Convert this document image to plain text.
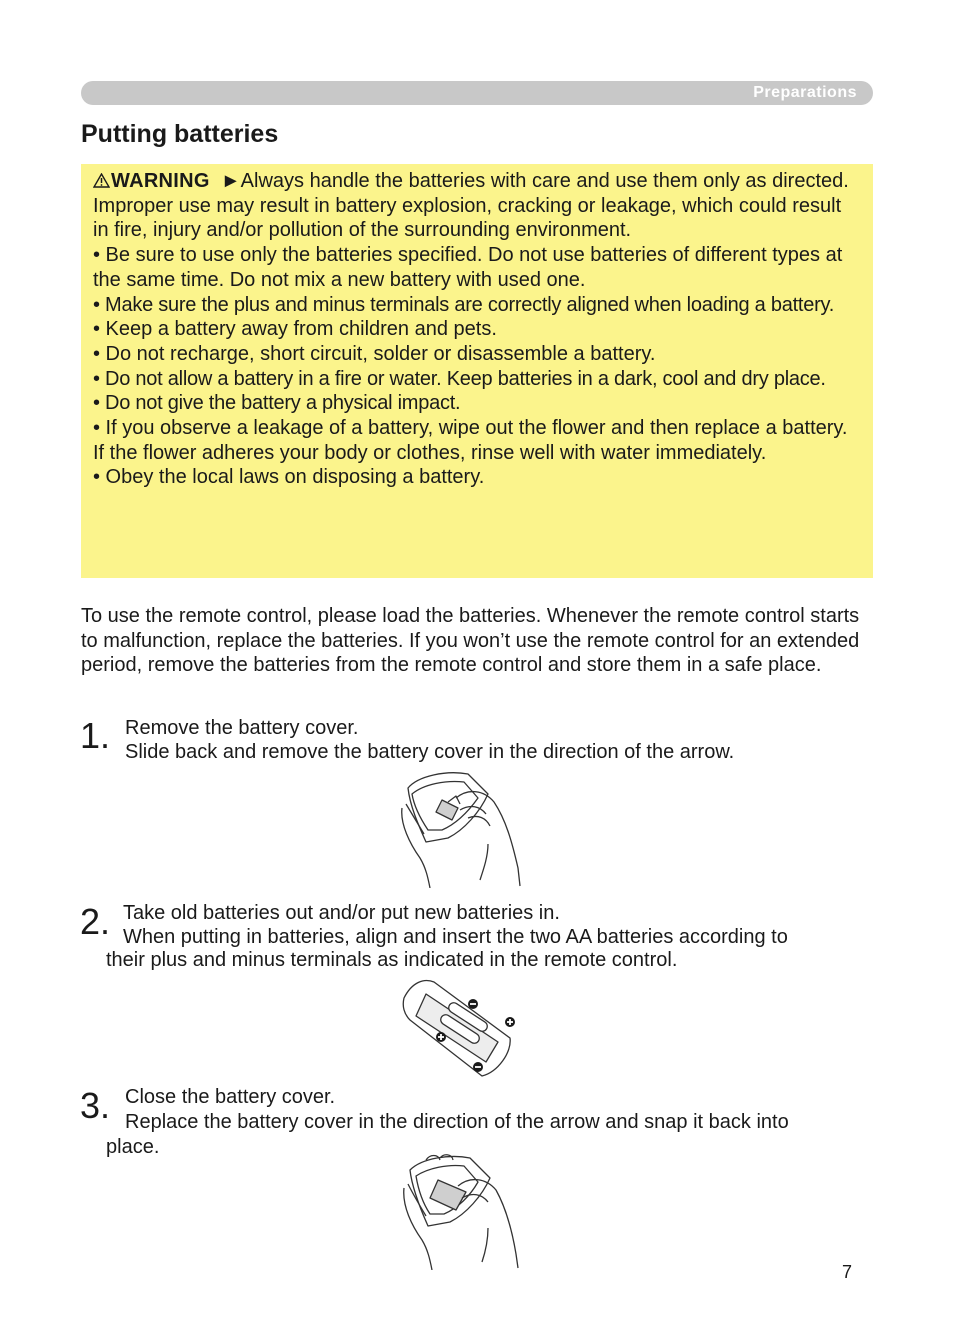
Preparations
Putting batteries

WARNING ►Always handle the batteries with care and use them only as directed. Improper use may result in battery explosion, cracking or leakage, which could result in fire, injury and/or pollution of the surrounding environment.

• Be sure to use only the batteries specified. Do not use batteries of different types at the same time. Do not mix a new battery with used one.

• Make sure the plus and minus terminals are correctly aligned when loading a battery.

• Keep a battery away from children and pets.

• Do not recharge, short circuit, solder or disassemble a battery.

• Do not allow a battery in a fire or water. Keep batteries in a dark, cool and dry place.

• Do not give the battery a physical impact.

• If you observe a leakage of a battery, wipe out the flower and then replace a battery. If the flower adheres your body or clothes, rinse well with water immediately.

• Obey the local laws on disposing a battery.

To use the remote control, please load the batteries. Whenever the remote control starts to malfunction, replace the batteries. If you won’t use the remote control for an extended period, remove the batteries from the remote control and store them in a safe place.

1. Remove the battery cover.

Slide back and remove the battery cover in the direction of the arrow.

2. Take old batteries out and/or put new batteries in.

When putting in batteries, align and insert the two AA batteries according to

their plus and minus terminals as indicated in the remote control.

3. Close the battery cover.

Replace the battery cover in the direction of the arrow and snap it back into

place.

7
